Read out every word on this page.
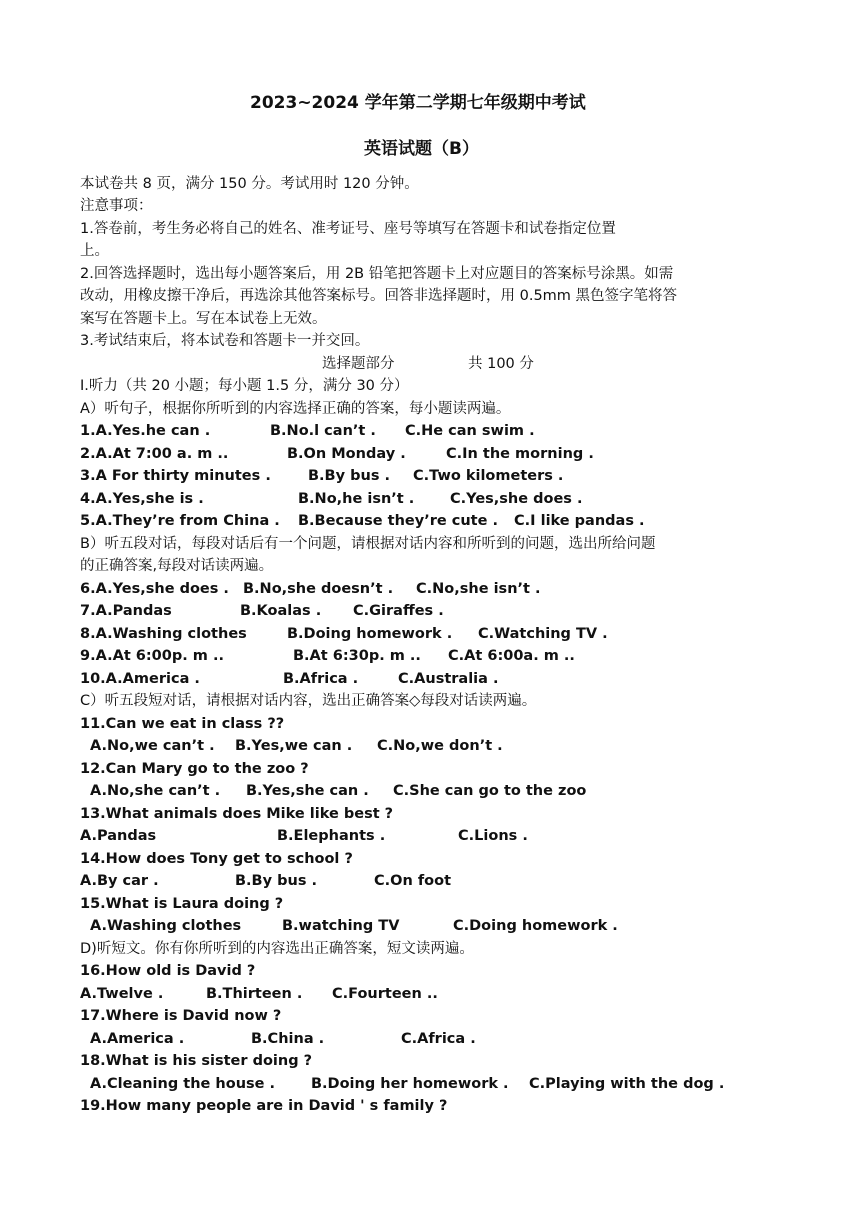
2023~2024 学年第二学期七年级期中考试
英语试题（B）
本试卷共 8 页，满分 150 分。考试用时 120 分钟。
注意事项：
1.答卷前，考生务必将自己的姓名、准考证号、座号等填写在答题卡和试卷指定位置
上。
2.回答选择题时，选出每小题答案后，用 2B 铅笔把答题卡上对应题目的答案标号涂黑。如需
改动，用橡皮擦干净后，再选涂其他答案标号。回答非选择题时，用 0.5mm 黑色签字笔将答
案写在答题卡上。写在本试卷上无效。
3.考试结束后，将本试卷和答题卡一并交回。
选择题部分	共 100 分
Ⅰ.听力（共 20 小题；每小题 1.5 分，满分 30 分）
A）听句子，根据你所听到的内容选择正确的答案，每小题读两遍。
1.A.Yes.he can .	B.No.l can’t . C.He can swim .
2.A.At 7:00 a. m ..	B.On Monday .	C.In the morning .
3.A For thirty minutes .	B.By bus . C.Two kilometers .
4.A.Yes,she is .	B.No,he isn’t . C.Yes,she does .
5.A.They’re from China . B.Because they’re cute . C.I like pandas .
B）听五段对话，每段对话后有一个问题，请根据对话内容和所听到的问题，选出所给问题
的正确答案,每段对话读两遍。
6.A.Yes,she does . B.No,she doesn’t . C.No,she isn’t .
7.A.Pandas	B.Koalas . C.Giraffes .
8.A.Washing clothes	B.Doing homework . C.Watching TV .
9.A.At 6:00p. m ..	B.At 6:30p. m .. C.At 6:00a. m ..
10.A.America .	B.Africa .	C.Australia .
C）听五段短对话，请根据对话内容，选出正确答案◇每段对话读两遍。
11.Can we eat in class ??
A.No,we can’t . B.Yes,we can . C.No,we don’t .
12.Can Mary go to the zoo ?
A.No,she can’t . B.Yes,she can . C.She can go to the zoo
13.What animals does Mike like best ?
A.Pandas	B.Elephants .	C.Lions .
14.How does Tony get to school ?
A.By car .	B.By bus .	C.On foot
15.What is Laura doing ?
A.Washing clothes	B.watching TV	C.Doing homework .
D)听短文。你有你所听到的内容选出正确答案，短文读两遍。
16.How old is David ?
A.Twelve .	B.Thirteen . C.Fourteen ..
17.Where is David now ?
A.America .	B.China .	C.Africa .
18.What is his sister doing ?
A.Cleaning the house . B.Doing her homework . C.Playing with the dog .
19.How many people are in David ' s family ?
